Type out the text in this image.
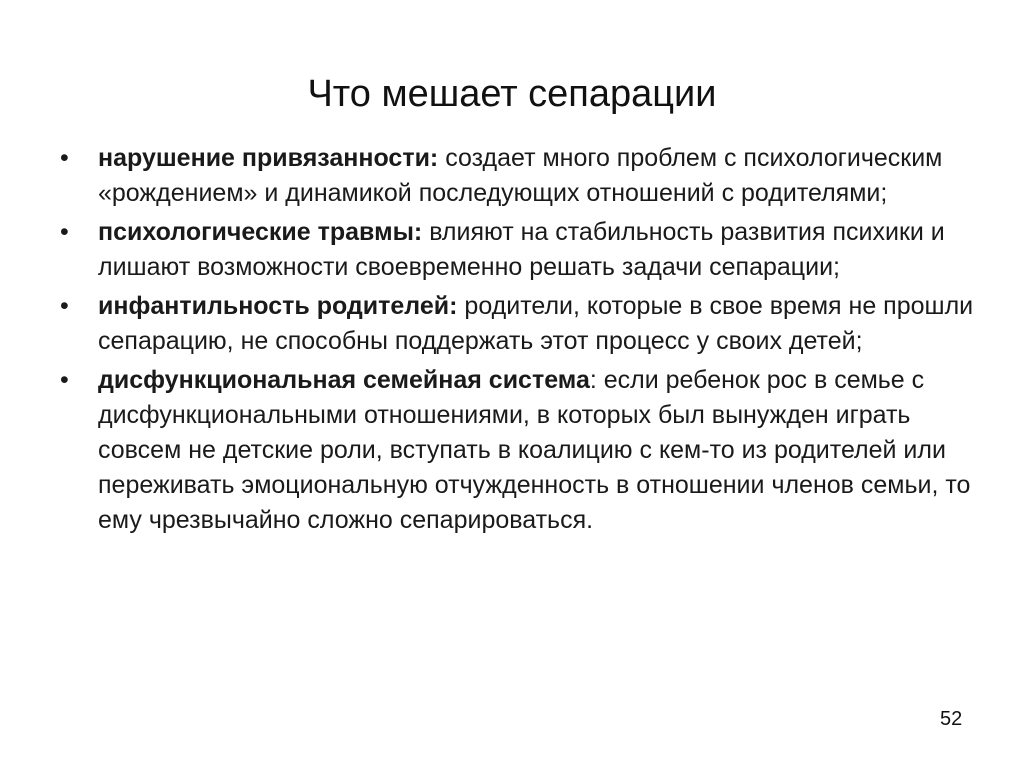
Что мешает сепарации
•	нарушение привязанности: создает много проблем с психологическим «рождением» и динамикой последующих отношений с родителями;
•	психологические травмы: влияют на стабильность развития психики и лишают возможности своевременно решать задачи сепарации;
•	инфантильность родителей: родители, которые в свое время не прошли сепарацию, не способны поддержать этот процесс у своих детей;
•	дисфункциональная семейная система: если ребенок рос в семье с дисфункциональными отношениями, в которых был вынужден играть совсем не детские роли, вступать в коалицию с кем-то из родителей или переживать эмоциональную отчужденность в отношении членов семьи, то ему чрезвычайно сложно сепарироваться.
52
